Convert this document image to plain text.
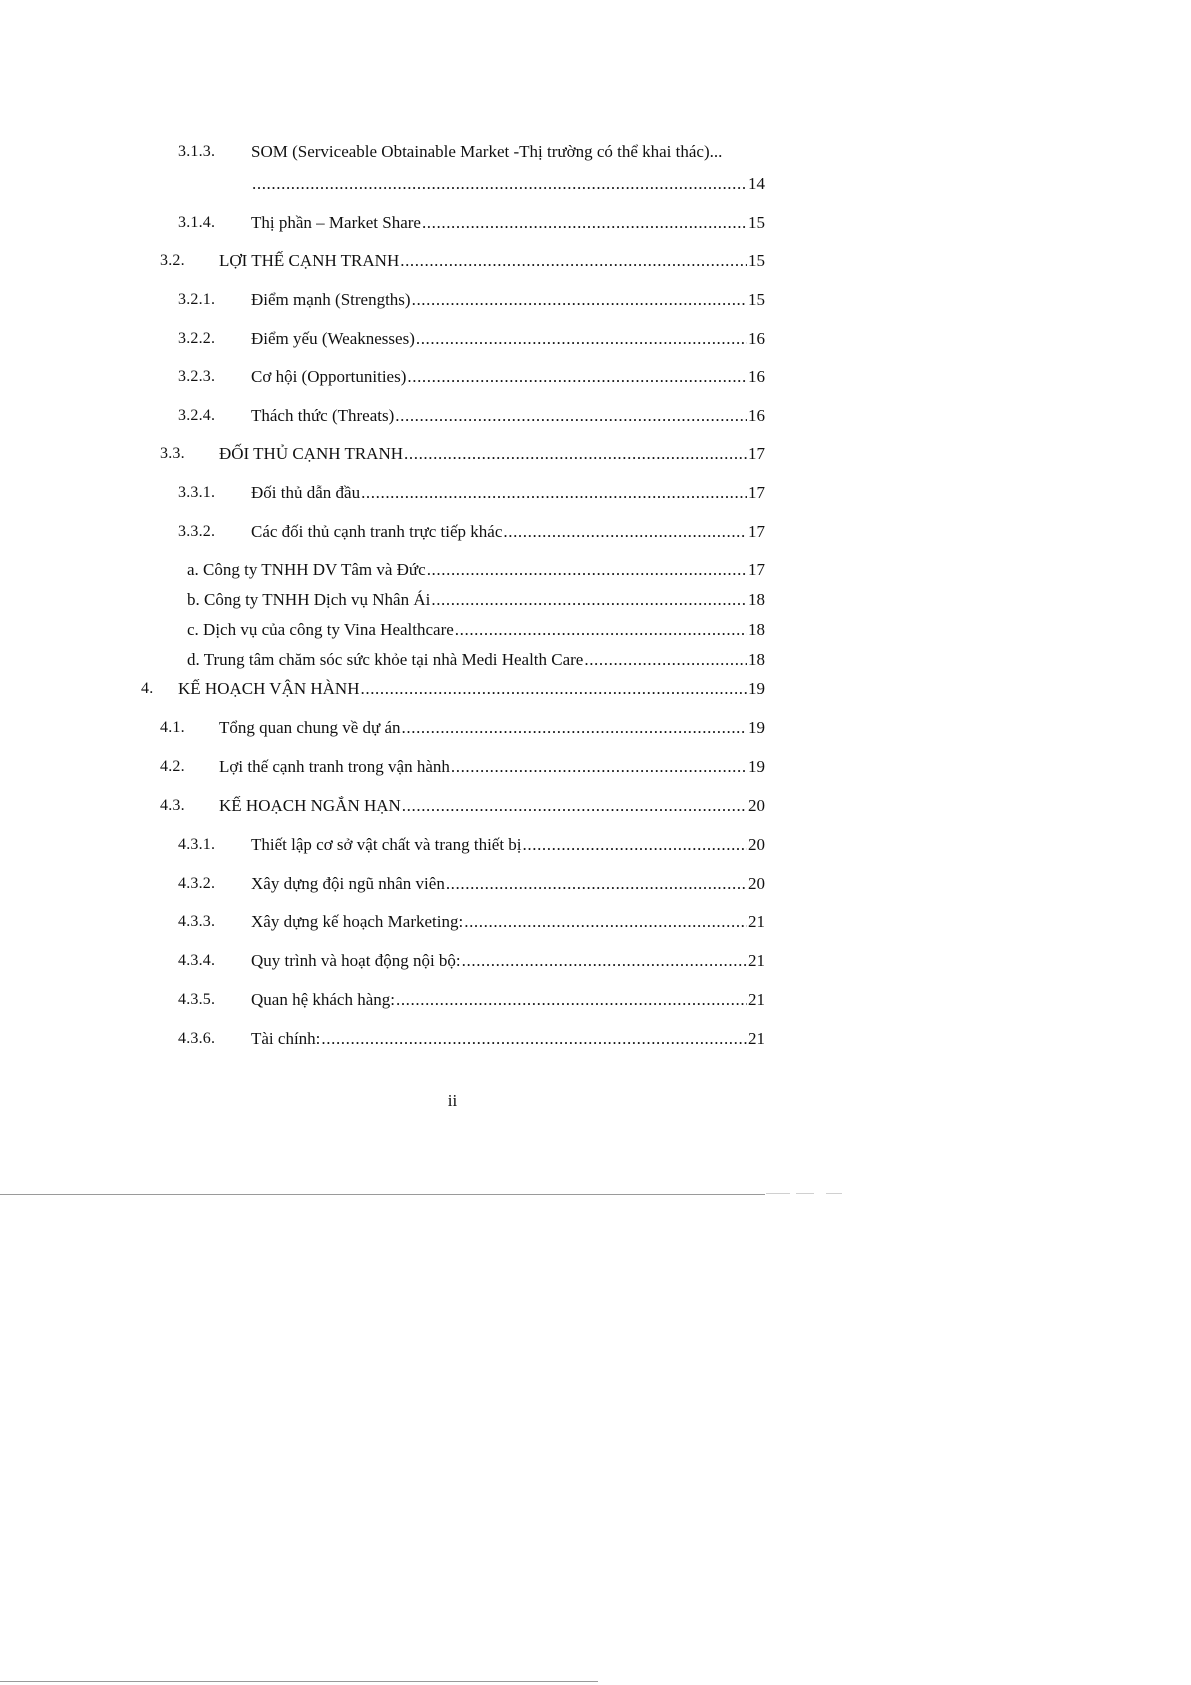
3.1.3. SOM (Serviceable Obtainable Market -Thị trường có thể khai thác)...
.....
14
3.1.4. Thị phần – Market Share .....	15
3.2. LỢI THẾ CẠNH TRANH .....	15
3.2.1. Điểm mạnh (Strengths) .....	15
3.2.2. Điểm yếu (Weaknesses) .....	16
3.2.3. Cơ hội (Opportunities) .....	16
3.2.4. Thách thức (Threats) .....	16
3.3. ĐỐI THỦ CẠNH TRANH .....	17
3.3.1. Đối thủ dẫn đầu .....	17
3.3.2. Các đối thủ cạnh tranh trực tiếp khác .....	17
a. Công ty TNHH DV Tâm và Đức .....	17
b. Công ty TNHH Dịch vụ Nhân Ái .....	18
c. Dịch vụ của công ty Vina Healthcare .....	18
d. Trung tâm chăm sóc sức khỏe tại nhà Medi Health Care .....	18
4. KẾ HOẠCH VẬN HÀNH .....	19
4.1. Tổng quan chung về dự án .....	19
4.2. Lợi thế cạnh tranh trong vận hành .....	19
4.3. KẾ HOẠCH NGẮN HẠN .....	20
4.3.1. Thiết lập cơ sở vật chất và trang thiết bị .....	20
4.3.2. Xây dựng đội ngũ nhân viên .....	20
4.3.3. Xây dựng kế hoạch Marketing: .....	21
4.3.4. Quy trình và hoạt động nội bộ: .....	21
4.3.5. Quan hệ khách hàng: .....	21
4.3.6. Tài chính: .....	21
ii
